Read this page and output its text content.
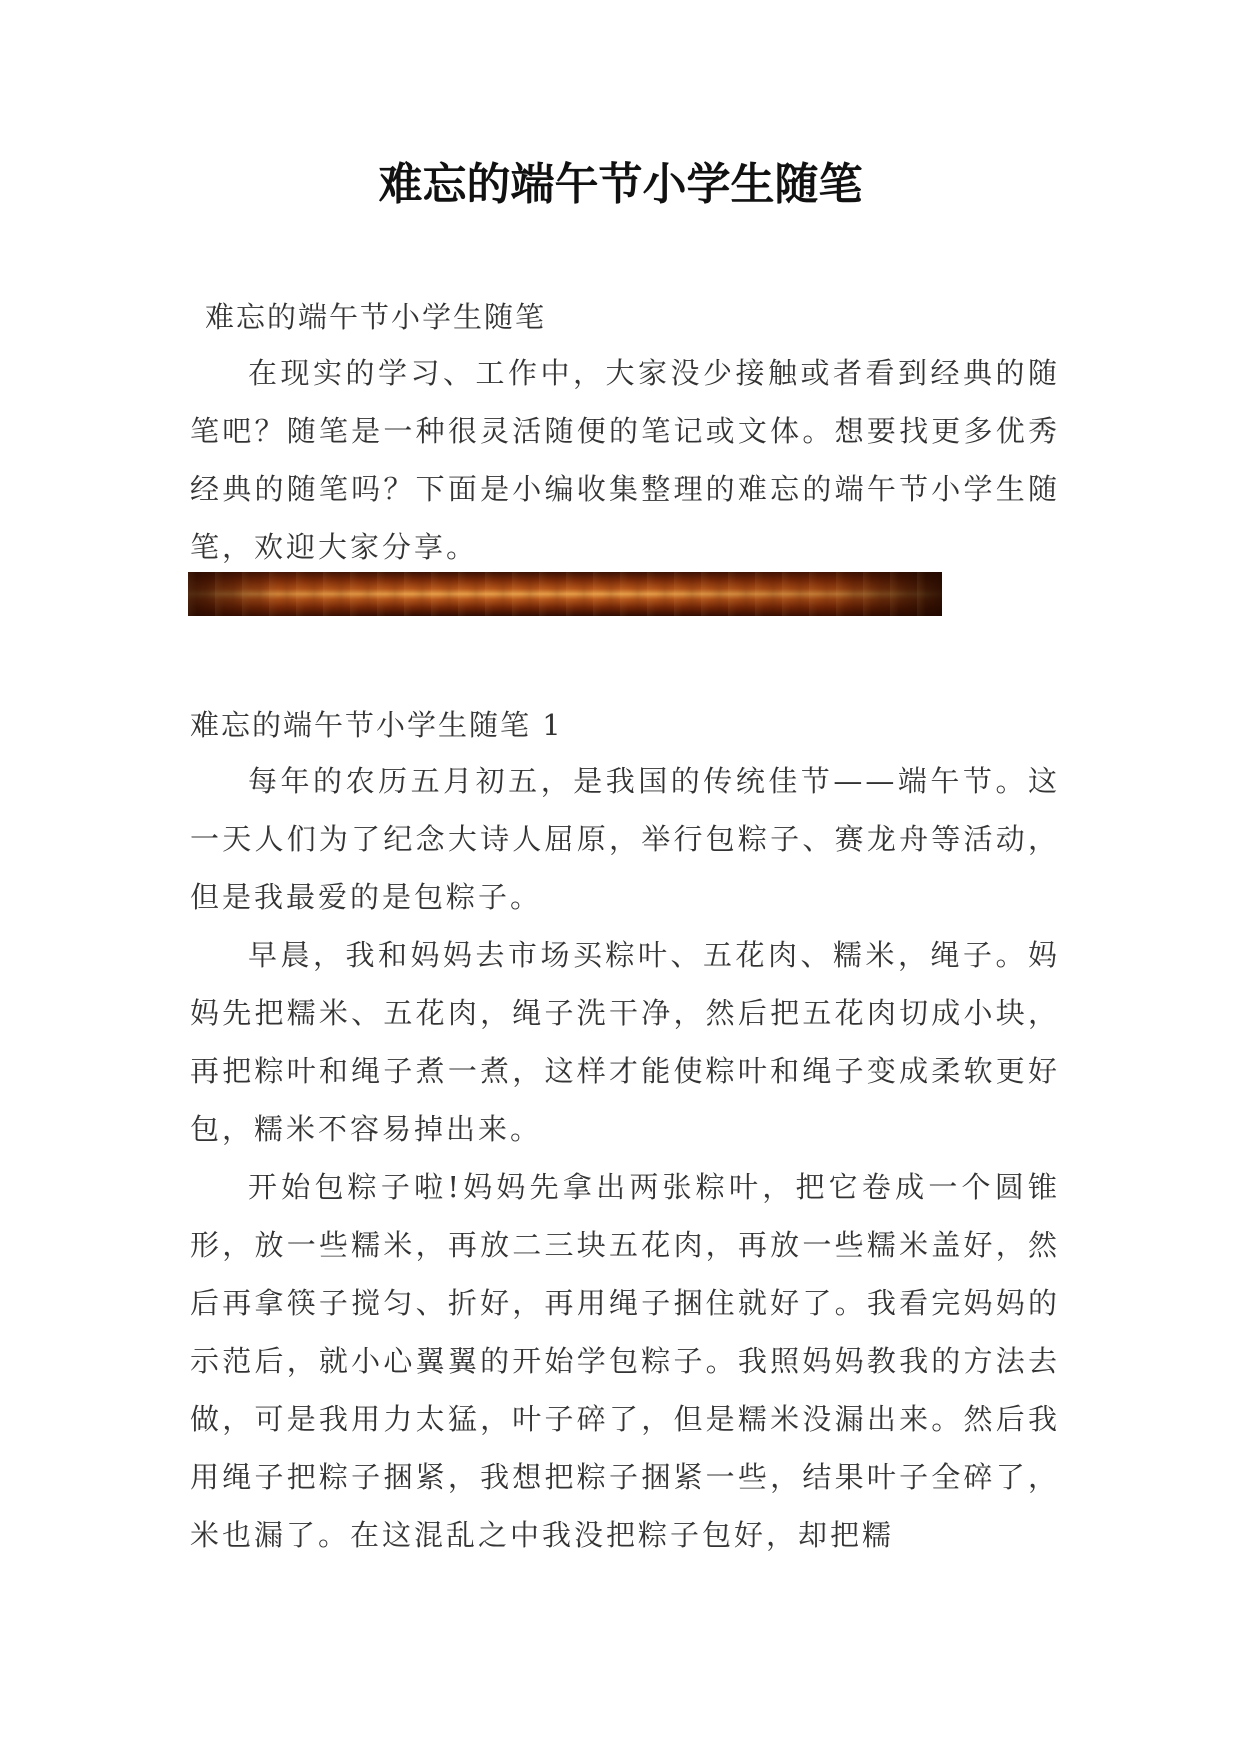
难忘的端午节小学生随笔
难忘的端午节小学生随笔

在现实的学习、工作中，大家没少接触或者看到经典的随笔吧？随笔是一种很灵活随便的笔记或文体。想要找更多优秀经典的随笔吗？下面是小编收集整理的难忘的端午节小学生随笔，欢迎大家分享。

难忘的端午节小学生随笔 1

每年的农历五月初五，是我国的传统佳节——端午节。这一天人们为了纪念大诗人屈原，举行包粽子、赛龙舟等活动，但是我最爱的是包粽子。

早晨，我和妈妈去市场买粽叶、五花肉、糯米，绳子。妈妈先把糯米、五花肉，绳子洗干净，然后把五花肉切成小块，再把粽叶和绳子煮一煮，这样才能使粽叶和绳子变成柔软更好包，糯米不容易掉出来。

开始包粽子啦!妈妈先拿出两张粽叶，把它卷成一个圆锥形，放一些糯米，再放二三块五花肉，再放一些糯米盖好，然后再拿筷子搅匀、折好，再用绳子捆住就好了。我看完妈妈的示范后，就小心翼翼的开始学包粽子。我照妈妈教我的方法去做，可是我用力太猛，叶子碎了，但是糯米没漏出来。然后我用绳子把粽子捆紧，我想把粽子捆紧一些，结果叶子全碎了，米也漏了。在这混乱之中我没把粽子包好，却把糯
